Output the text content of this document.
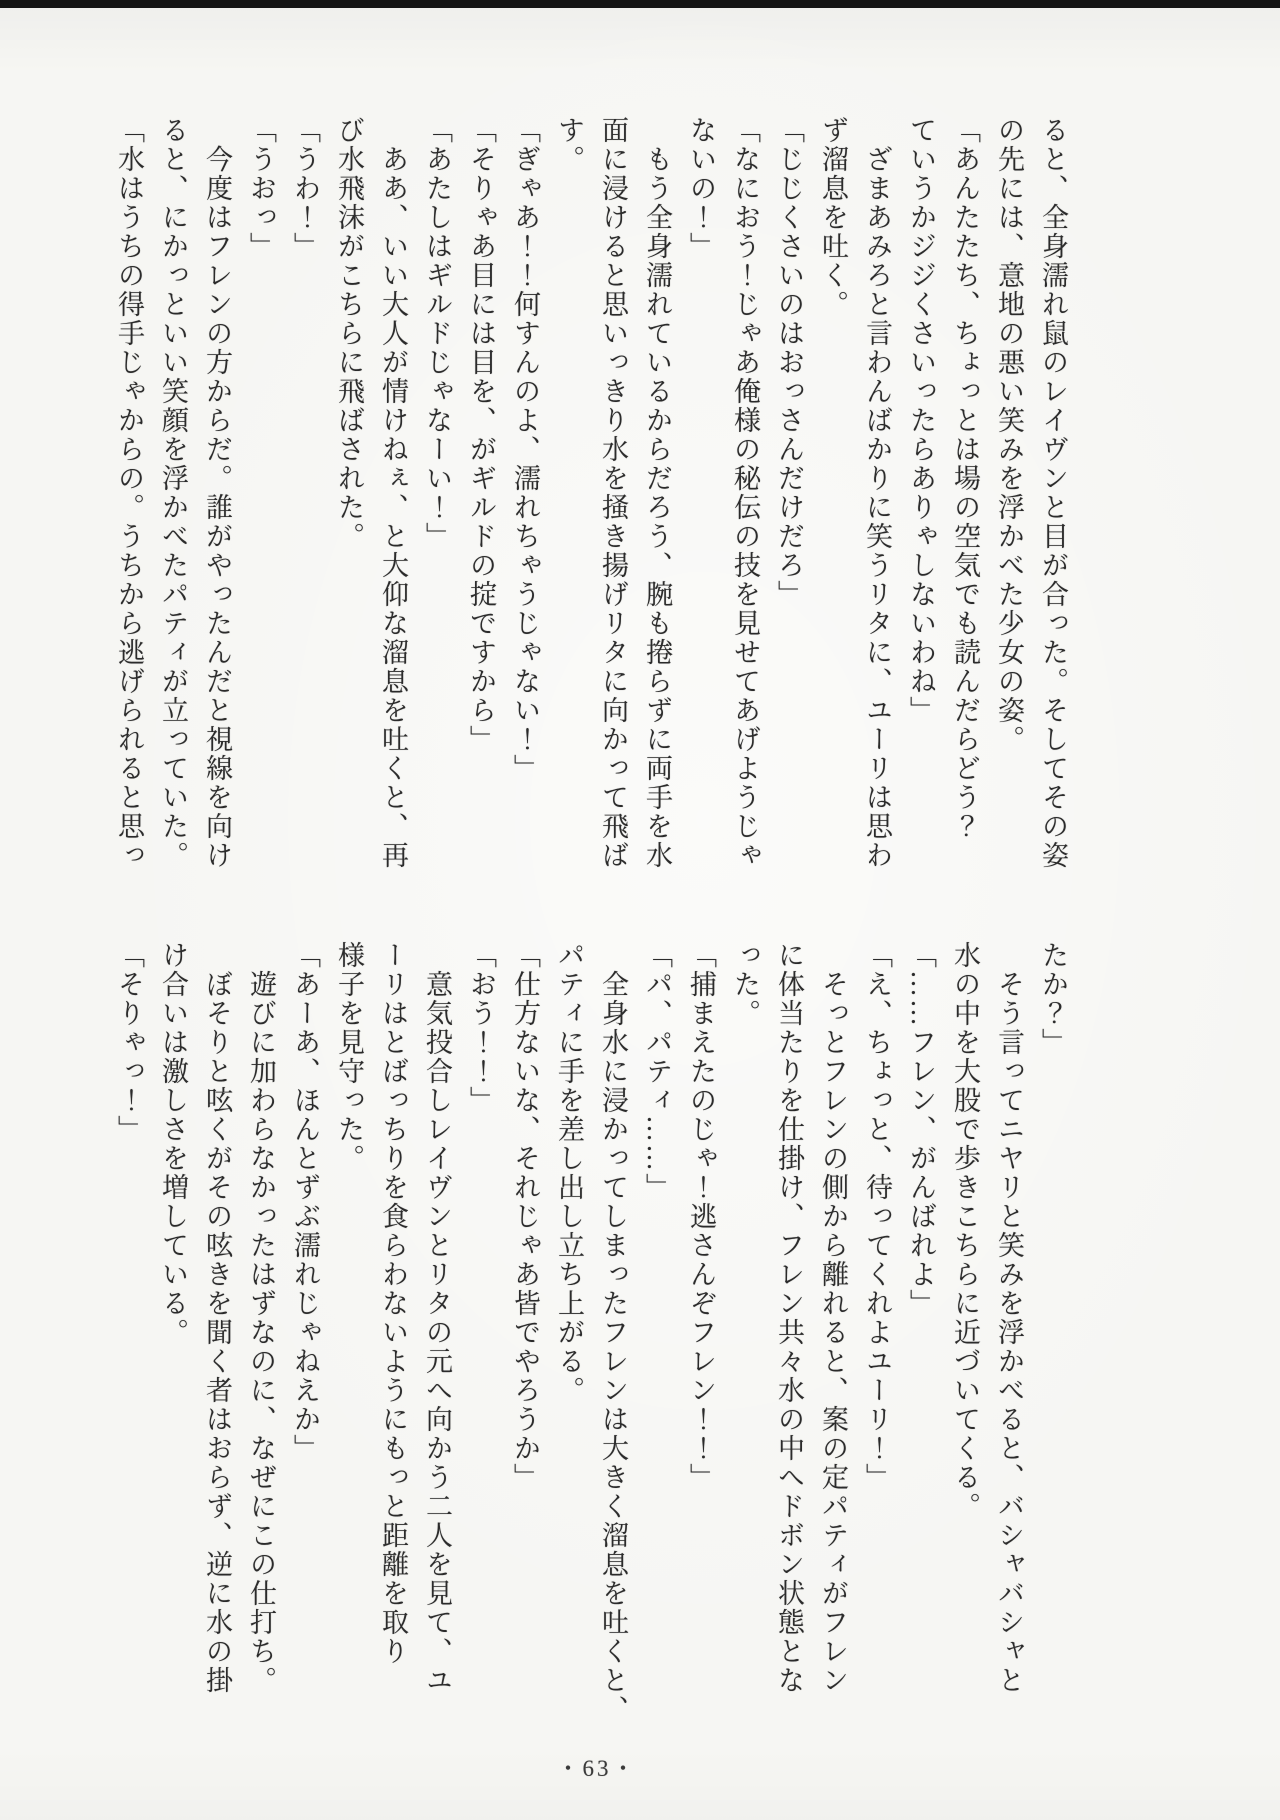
ると、全身濡れ鼠のレイヴンと目が合った。そしてその姿
の先には、意地の悪い笑みを浮かべた少女の姿。
「あんたたち、ちょっとは場の空気でも読んだらどう？
ていうかジジくさいったらありゃしないわね」
ざまあみろと言わんばかりに笑うリタに、ユーリは思わ
ず溜息を吐く。
「じじくさいのはおっさんだけだろ」
「なにおう！じゃあ俺様の秘伝の技を見せてあげようじゃ
ないの！」
もう全身濡れているからだろう、腕も捲らずに両手を水
面に浸けると思いっきり水を掻き揚げリタに向かって飛ば
す。
「ぎゃあ！！何すんのよ、濡れちゃうじゃない！」
「そりゃあ目には目を、がギルドの掟ですから」
「あたしはギルドじゃなーい！」
ああ、いい大人が情けねぇ、と大仰な溜息を吐くと、再
び水飛沫がこちらに飛ばされた。
「うわ！」
「うおっ」
今度はフレンの方からだ。誰がやったんだと視線を向け
ると、にかっといい笑顔を浮かべたパティが立っていた。
「水はうちの得手じゃからの。うちから逃げられると思っ
たか？」
そう言ってニヤリと笑みを浮かべると、バシャバシャと
水の中を大股で歩きこちらに近づいてくる。
「……フレン、がんばれよ」
「え、ちょっと、待ってくれよユーリ！」
そっとフレンの側から離れると、案の定パティがフレン
に体当たりを仕掛け、フレン共々水の中へドボン状態とな
った。
「捕まえたのじゃ！逃さんぞフレン！！」
「パ、パティ……」
全身水に浸かってしまったフレンは大きく溜息を吐くと、
パティに手を差し出し立ち上がる。
「仕方ないな、それじゃあ皆でやろうか」
「おう！！」
意気投合しレイヴンとリタの元へ向かう二人を見て、ユ
ーリはとばっちりを食らわないようにもっと距離を取り
様子を見守った。
「あーあ、ほんとずぶ濡れじゃねえか」
遊びに加わらなかったはずなのに、なぜにこの仕打ち。
ぼそりと呟くがその呟きを聞く者はおらず、逆に水の掛
け合いは激しさを増している。
「そりゃっ！」
・63・
